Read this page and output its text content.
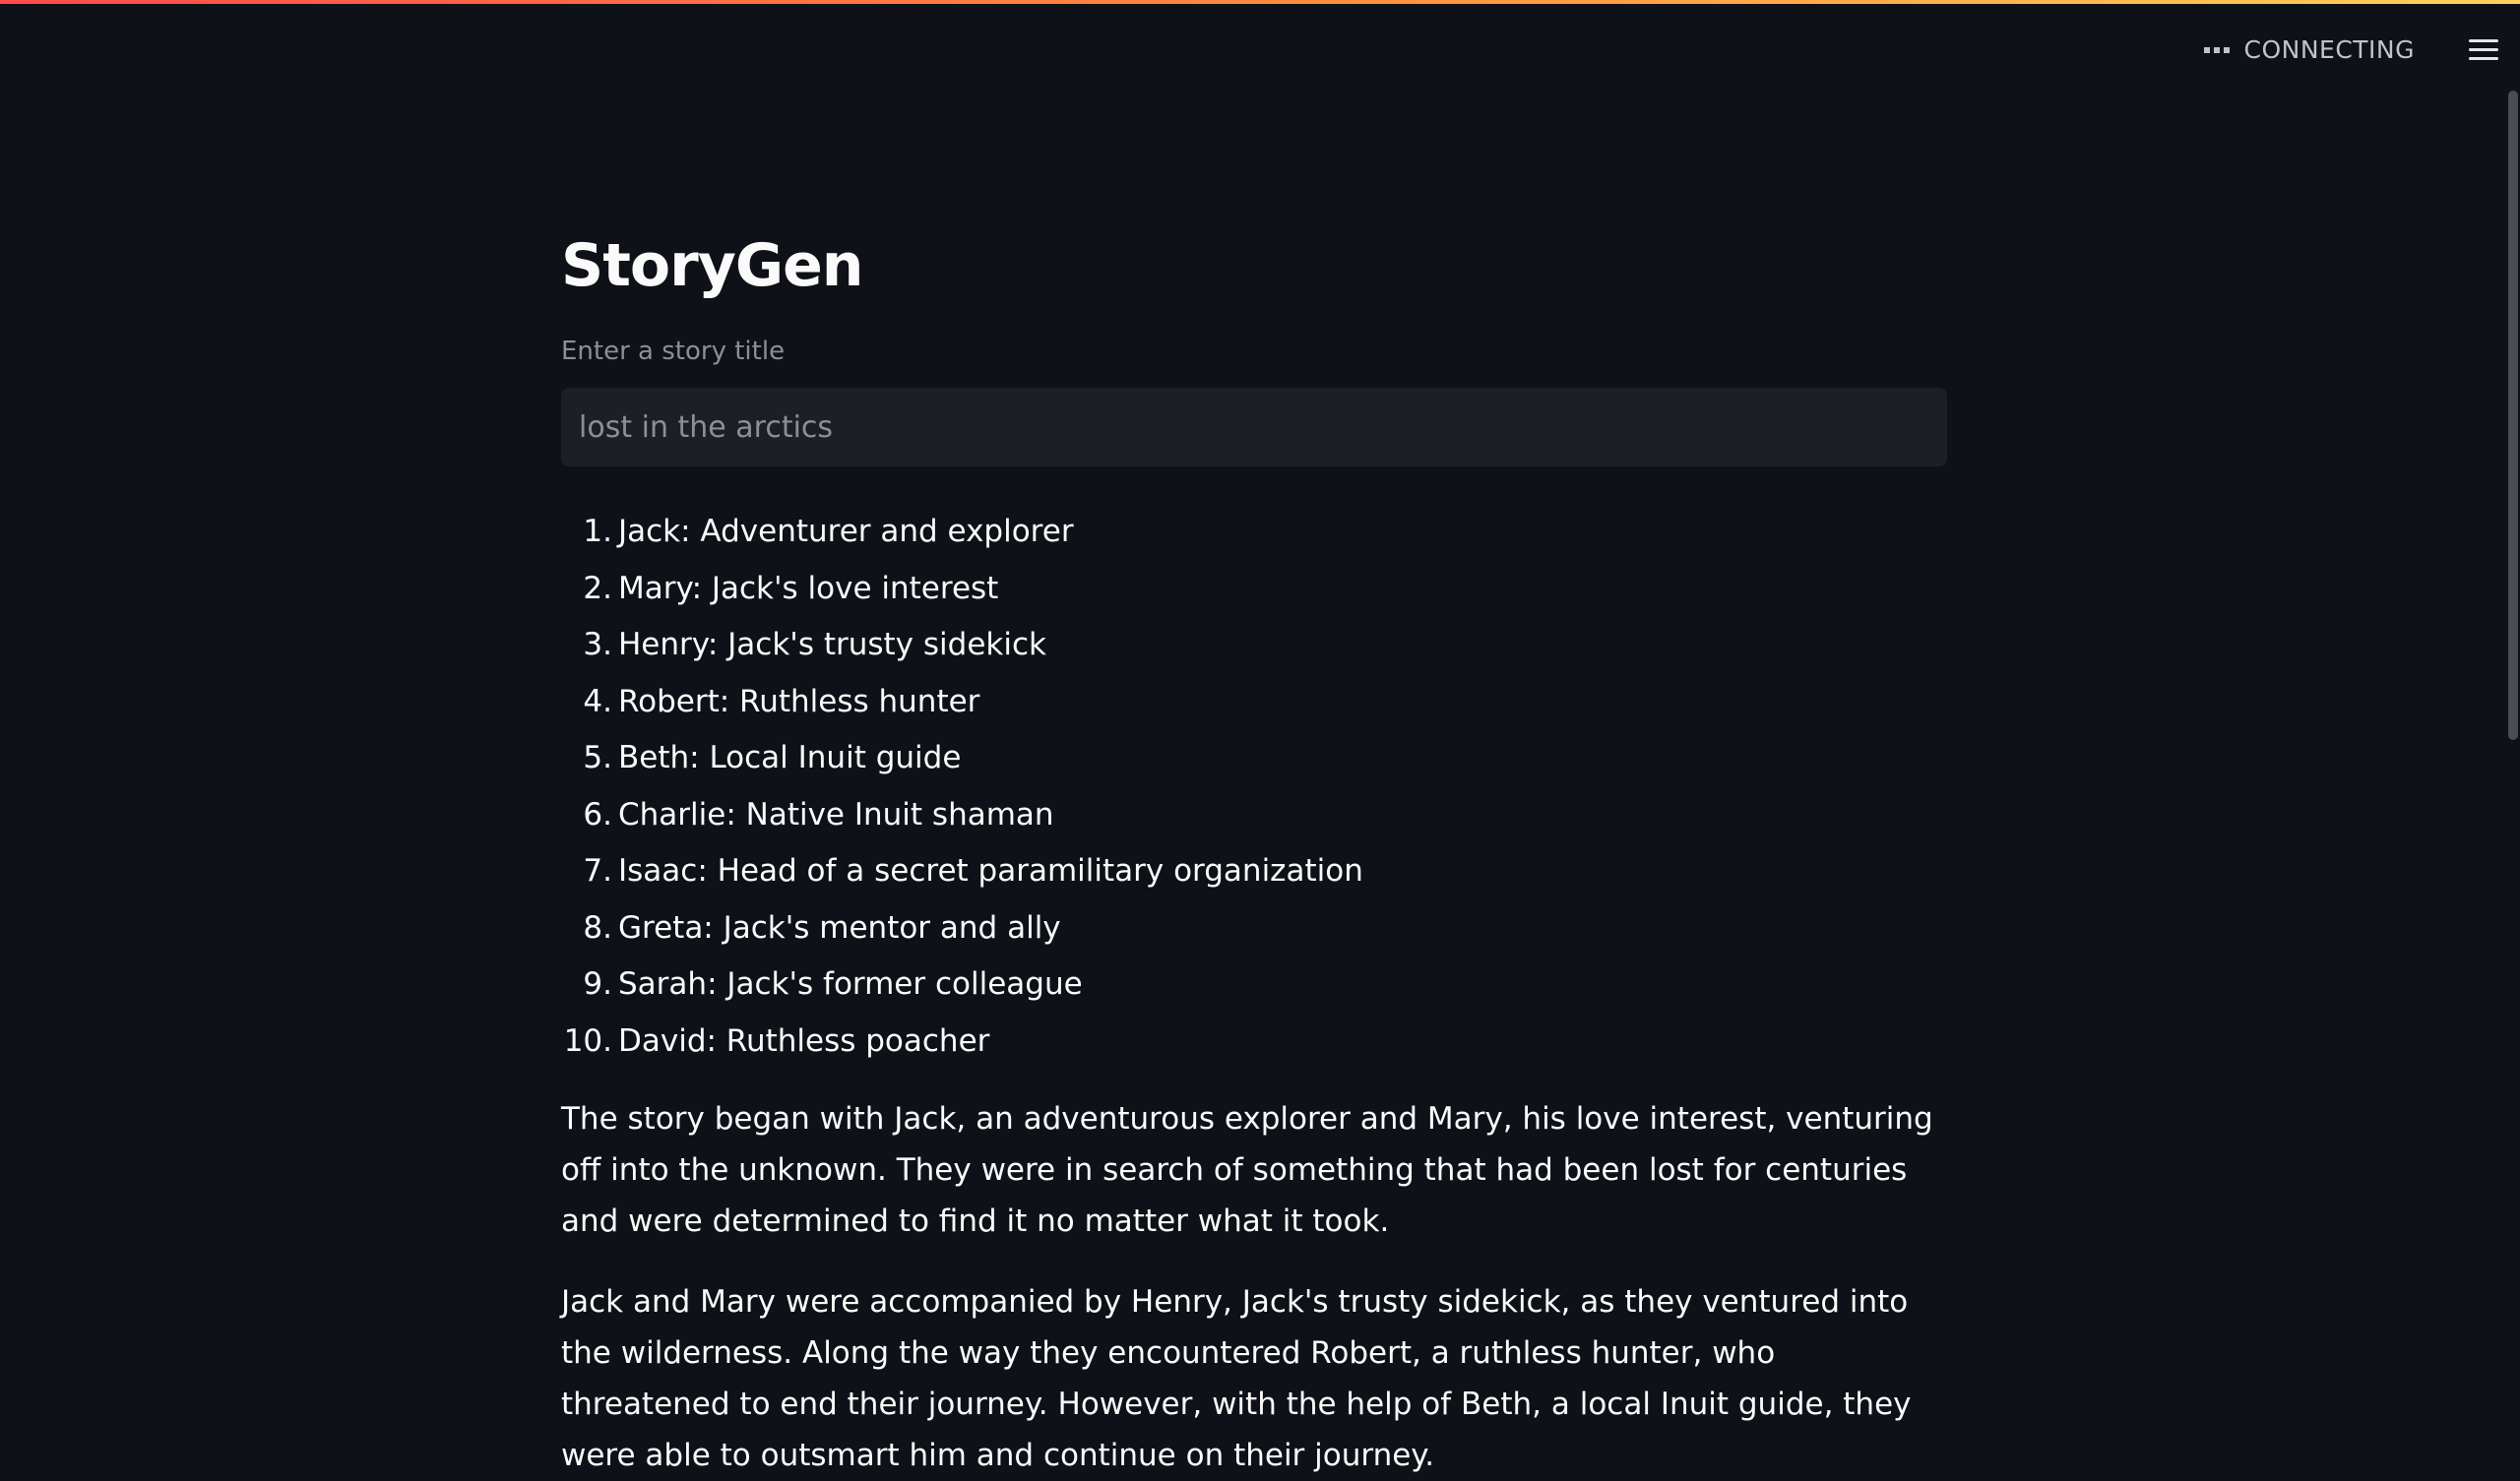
CONNECTING
StoryGen
Enter a story title
lost in the arctics
1. Jack: Adventurer and explorer
2. Mary: Jack's love interest
3. Henry: Jack's trusty sidekick
4. Robert: Ruthless hunter
5. Beth: Local Inuit guide
6. Charlie: Native Inuit shaman
7. Isaac: Head of a secret paramilitary organization
8. Greta: Jack's mentor and ally
9. Sarah: Jack's former colleague
10. David: Ruthless poacher

The story began with Jack, an adventurous explorer and Mary, his love interest, venturing off into the unknown. They were in search of something that had been lost for centuries and were determined to find it no matter what it took.

Jack and Mary were accompanied by Henry, Jack's trusty sidekick, as they ventured into the wilderness. Along the way they encountered Robert, a ruthless hunter, who threatened to end their journey. However, with the help of Beth, a local Inuit guide, they were able to outsmart him and continue on their journey.
